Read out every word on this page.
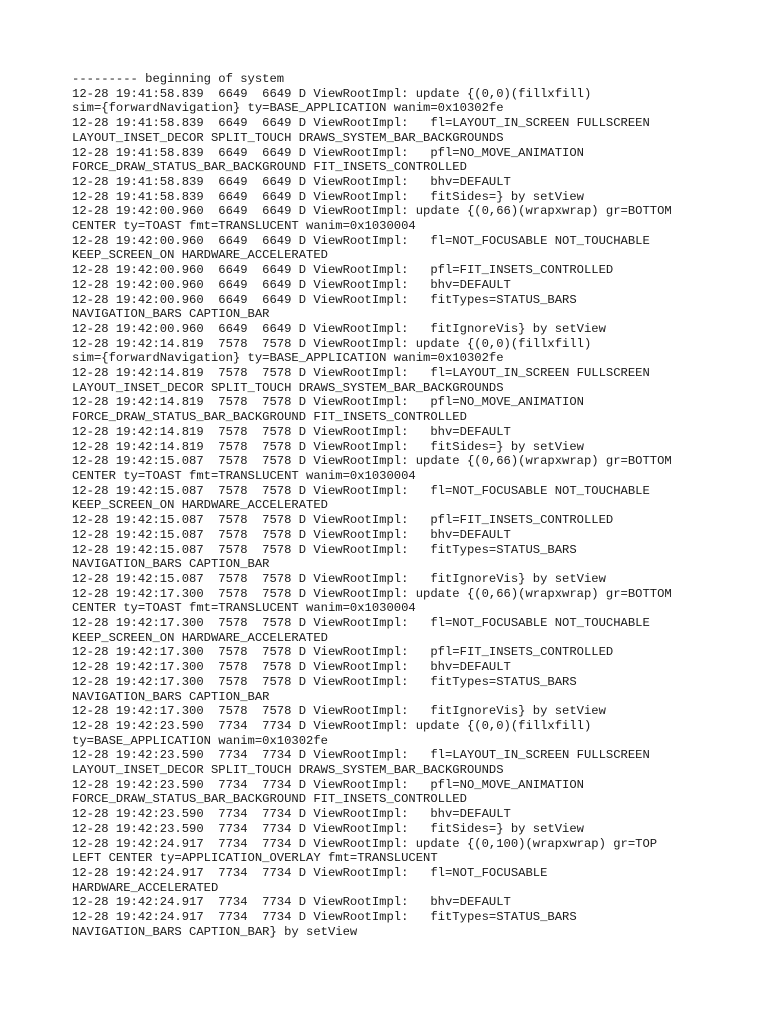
--------- beginning of system
12-28 19:41:58.839  6649  6649 D ViewRootImpl: update {(0,0)(fillxfill)
sim={forwardNavigation} ty=BASE_APPLICATION wanim=0x10302fe
12-28 19:41:58.839  6649  6649 D ViewRootImpl:   fl=LAYOUT_IN_SCREEN FULLSCREEN
LAYOUT_INSET_DECOR SPLIT_TOUCH DRAWS_SYSTEM_BAR_BACKGROUNDS
12-28 19:41:58.839  6649  6649 D ViewRootImpl:   pfl=NO_MOVE_ANIMATION
FORCE_DRAW_STATUS_BAR_BACKGROUND FIT_INSETS_CONTROLLED
12-28 19:41:58.839  6649  6649 D ViewRootImpl:   bhv=DEFAULT
12-28 19:41:58.839  6649  6649 D ViewRootImpl:   fitSides=} by setView
12-28 19:42:00.960  6649  6649 D ViewRootImpl: update {(0,66)(wrapxwrap) gr=BOTTOM
CENTER ty=TOAST fmt=TRANSLUCENT wanim=0x1030004
12-28 19:42:00.960  6649  6649 D ViewRootImpl:   fl=NOT_FOCUSABLE NOT_TOUCHABLE
KEEP_SCREEN_ON HARDWARE_ACCELERATED
12-28 19:42:00.960  6649  6649 D ViewRootImpl:   pfl=FIT_INSETS_CONTROLLED
12-28 19:42:00.960  6649  6649 D ViewRootImpl:   bhv=DEFAULT
12-28 19:42:00.960  6649  6649 D ViewRootImpl:   fitTypes=STATUS_BARS
NAVIGATION_BARS CAPTION_BAR
12-28 19:42:00.960  6649  6649 D ViewRootImpl:   fitIgnoreVis} by setView
12-28 19:42:14.819  7578  7578 D ViewRootImpl: update {(0,0)(fillxfill)
sim={forwardNavigation} ty=BASE_APPLICATION wanim=0x10302fe
12-28 19:42:14.819  7578  7578 D ViewRootImpl:   fl=LAYOUT_IN_SCREEN FULLSCREEN
LAYOUT_INSET_DECOR SPLIT_TOUCH DRAWS_SYSTEM_BAR_BACKGROUNDS
12-28 19:42:14.819  7578  7578 D ViewRootImpl:   pfl=NO_MOVE_ANIMATION
FORCE_DRAW_STATUS_BAR_BACKGROUND FIT_INSETS_CONTROLLED
12-28 19:42:14.819  7578  7578 D ViewRootImpl:   bhv=DEFAULT
12-28 19:42:14.819  7578  7578 D ViewRootImpl:   fitSides=} by setView
12-28 19:42:15.087  7578  7578 D ViewRootImpl: update {(0,66)(wrapxwrap) gr=BOTTOM
CENTER ty=TOAST fmt=TRANSLUCENT wanim=0x1030004
12-28 19:42:15.087  7578  7578 D ViewRootImpl:   fl=NOT_FOCUSABLE NOT_TOUCHABLE
KEEP_SCREEN_ON HARDWARE_ACCELERATED
12-28 19:42:15.087  7578  7578 D ViewRootImpl:   pfl=FIT_INSETS_CONTROLLED
12-28 19:42:15.087  7578  7578 D ViewRootImpl:   bhv=DEFAULT
12-28 19:42:15.087  7578  7578 D ViewRootImpl:   fitTypes=STATUS_BARS
NAVIGATION_BARS CAPTION_BAR
12-28 19:42:15.087  7578  7578 D ViewRootImpl:   fitIgnoreVis} by setView
12-28 19:42:17.300  7578  7578 D ViewRootImpl: update {(0,66)(wrapxwrap) gr=BOTTOM
CENTER ty=TOAST fmt=TRANSLUCENT wanim=0x1030004
12-28 19:42:17.300  7578  7578 D ViewRootImpl:   fl=NOT_FOCUSABLE NOT_TOUCHABLE
KEEP_SCREEN_ON HARDWARE_ACCELERATED
12-28 19:42:17.300  7578  7578 D ViewRootImpl:   pfl=FIT_INSETS_CONTROLLED
12-28 19:42:17.300  7578  7578 D ViewRootImpl:   bhv=DEFAULT
12-28 19:42:17.300  7578  7578 D ViewRootImpl:   fitTypes=STATUS_BARS
NAVIGATION_BARS CAPTION_BAR
12-28 19:42:17.300  7578  7578 D ViewRootImpl:   fitIgnoreVis} by setView
12-28 19:42:23.590  7734  7734 D ViewRootImpl: update {(0,0)(fillxfill)
ty=BASE_APPLICATION wanim=0x10302fe
12-28 19:42:23.590  7734  7734 D ViewRootImpl:   fl=LAYOUT_IN_SCREEN FULLSCREEN
LAYOUT_INSET_DECOR SPLIT_TOUCH DRAWS_SYSTEM_BAR_BACKGROUNDS
12-28 19:42:23.590  7734  7734 D ViewRootImpl:   pfl=NO_MOVE_ANIMATION
FORCE_DRAW_STATUS_BAR_BACKGROUND FIT_INSETS_CONTROLLED
12-28 19:42:23.590  7734  7734 D ViewRootImpl:   bhv=DEFAULT
12-28 19:42:23.590  7734  7734 D ViewRootImpl:   fitSides=} by setView
12-28 19:42:24.917  7734  7734 D ViewRootImpl: update {(0,100)(wrapxwrap) gr=TOP
LEFT CENTER ty=APPLICATION_OVERLAY fmt=TRANSLUCENT
12-28 19:42:24.917  7734  7734 D ViewRootImpl:   fl=NOT_FOCUSABLE
HARDWARE_ACCELERATED
12-28 19:42:24.917  7734  7734 D ViewRootImpl:   bhv=DEFAULT
12-28 19:42:24.917  7734  7734 D ViewRootImpl:   fitTypes=STATUS_BARS
NAVIGATION_BARS CAPTION_BAR} by setView
